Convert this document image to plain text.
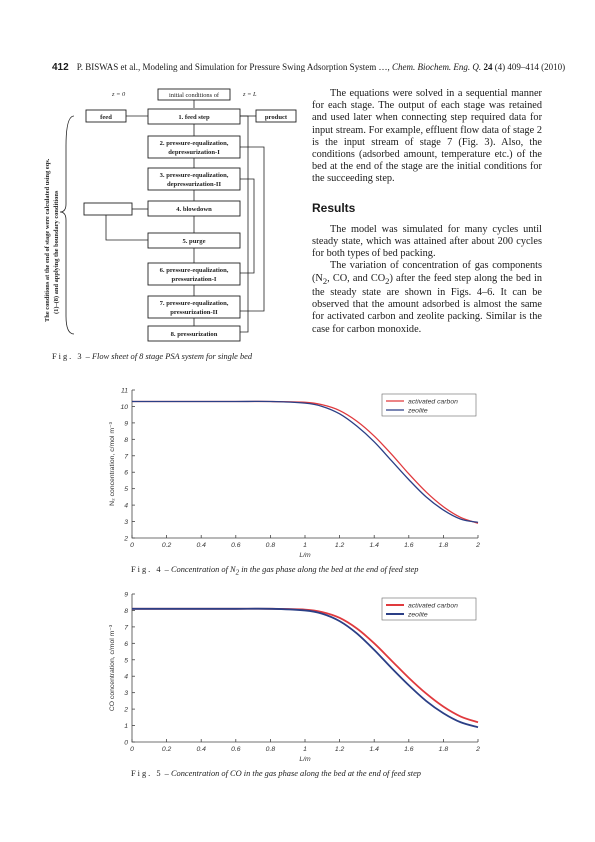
412 P. BISWAS et al., Modeling and Simulation for Pressure Swing Adsorption System …, Chem. Biochem. Eng. Q. 24 (4) 409–414 (2010)
The conditions at the end of stage were calculated using eqs. (1)–(8) and applying the boundary conditions
z = 0	z = L
initial conditions of
feed	product
1. feed step
2. pressure-equalization,
depressurization-I
3. pressure-equalization,
depressurization-II
4. blowdown
5. purge
6. pressure-equalization,
pressurization-I
7. pressure-equalization,
pressurization-II
8. pressurization
Fig. 3 – Flow sheet of 8 stage PSA system for single bed

The equations were solved in a sequential manner for each stage. The output of each stage was retained and used later when connecting step required data for input stream. For example, effluent flow data of stage 2 is the input stream of stage 7 (Fig. 3). Also, the conditions (adsorbed amount, temperature etc.) of the bed at the end of the stage are the initial conditions for the succeeding step.

Results

The model was simulated for many cycles until steady state, which was attained after about 200 cycles for both types of bed packing.

The variation of concentration of gas components ($N_2$, CO, and $CO_2$) after the feed step along the bed in the steady state are shown in Figs. 4–6. It can be observed that the amount adsorbed is almost the same for activated carbon and zeolite packing. Similar is the case for carbon monoxide.

0	0.2	0.4	0.6	0.8	1	1.2	1.4	1.6	1.8	2
2
3
4
5
6
7
8
9
10
11
L/m
N₂ concentration, c/mol m⁻³
activated carbon
zeolite
Fig. 4 – Concentration of $N_2$ in the gas phase along the bed at the end of feed step
0	0.2	0.4	0.6	0.8	1	1.2	1.4	1.6	1.8	2
0
1
2
3
4
5
6
7
8
9
L/m
CO concentration, c/mol m⁻³
activated carbon
zeolite
Fig. 5 – Concentration of CO in the gas phase along the bed at the end of feed step
